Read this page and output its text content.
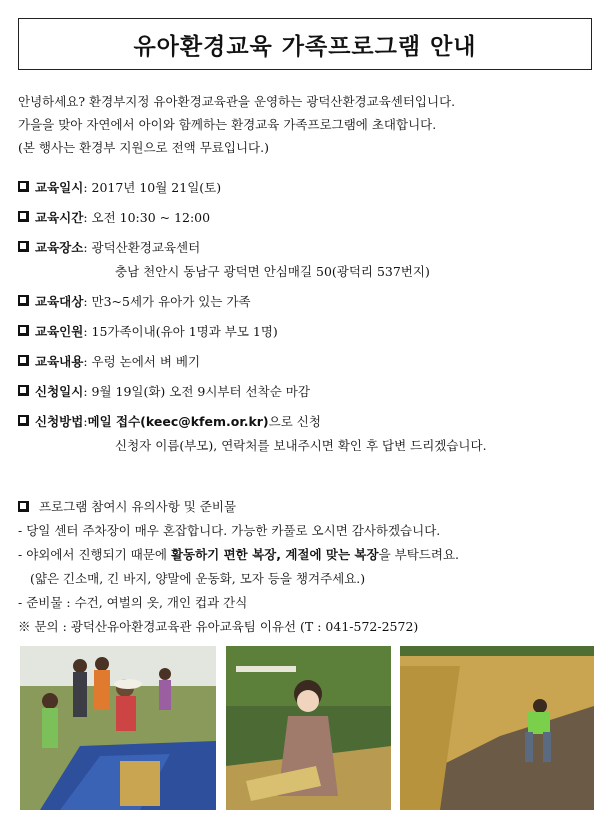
유아환경교육 가족프로그램 안내
안녕하세요? 환경부지정 유아환경교육관을 운영하는 광덕산환경교육센터입니다.
가을을 맞아 자연에서 아이와 함께하는 환경교육 가족프로그램에 초대합니다.
(본 행사는 환경부 지원으로 전액 무료입니다.)
교육일시 : 2017년 10월 21일(토)
교육시간 : 오전 10:30 ~ 12:00
교육장소 : 광덕산환경교육센터
충남 천안시 동남구 광덕면 안심매길 50(광덕리 537번지)
교육대상 : 만3~5세가 유아가 있는 가족
교육인원 : 15가족이내(유아 1명과 부모 1명)
교육내용 : 우렁 논에서 벼 베기
신청일시 : 9월 19일(화) 오전 9시부터 선착순 마감
신청방법 : 메일 접수(keec@kfem.or.kr) 으로 신청
신청자 이름(부모), 연락처를 보내주시면 확인 후 답변 드리겠습니다.
프로그램 참여시 유의사항 및 준비물
- 당일 센터 주차장이 매우 혼잡합니다. 가능한 카풀로 오시면 감사하겠습니다.
- 야외에서 진행되기 때문에 활동하기 편한 복장, 계절에 맞는 복장을 부탁드려요.
(얇은 긴소매, 긴 바지, 양말에 운동화, 모자 등을 챙겨주세요.)
- 준비물 : 수건, 여벌의 옷, 개인 컵과 간식
※ 문의 : 광덕산유아환경교육관 유아교육팀 이유선 (T : 041-572-2572)
